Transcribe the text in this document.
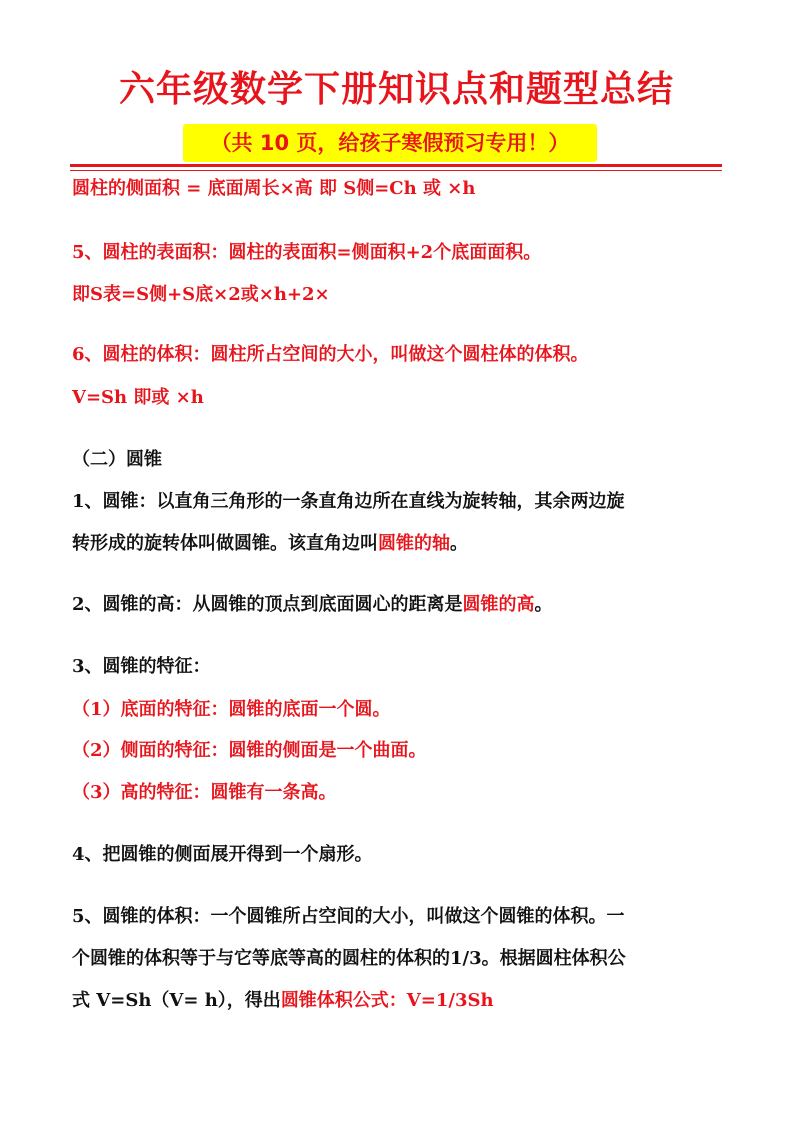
六年级数学下册知识点和题型总结
（共 10 页，给孩子寒假预习专用！）

圆柱的侧面积 = 底面周长×高 即 S侧=Ch 或 ×h

5、圆柱的表面积：圆柱的表面积=侧面积+2个底面面积。

即S表=S侧+S底×2或×h+2×

6、圆柱的体积：圆柱所占空间的大小，叫做这个圆柱体的体积。

V=Sh 即或 ×h

（二）圆锥

1、圆锥：以直角三角形的一条直角边所在直线为旋转轴，其余两边旋

转形成的旋转体叫做圆锥。该直角边叫圆锥的轴。

2、圆锥的高：从圆锥的顶点到底面圆心的距离是圆锥的高。

3、圆锥的特征：

（1）底面的特征：圆锥的底面一个圆。

（2）侧面的特征：圆锥的侧面是一个曲面。

（3）高的特征：圆锥有一条高。

4、把圆锥的侧面展开得到一个扇形。

5、圆锥的体积：一个圆锥所占空间的大小，叫做这个圆锥的体积。一

个圆锥的体积等于与它等底等高的圆柱的体积的1/3。根据圆柱体积公

式 V=Sh（V= h），得出圆锥体积公式：V=1/3Sh
